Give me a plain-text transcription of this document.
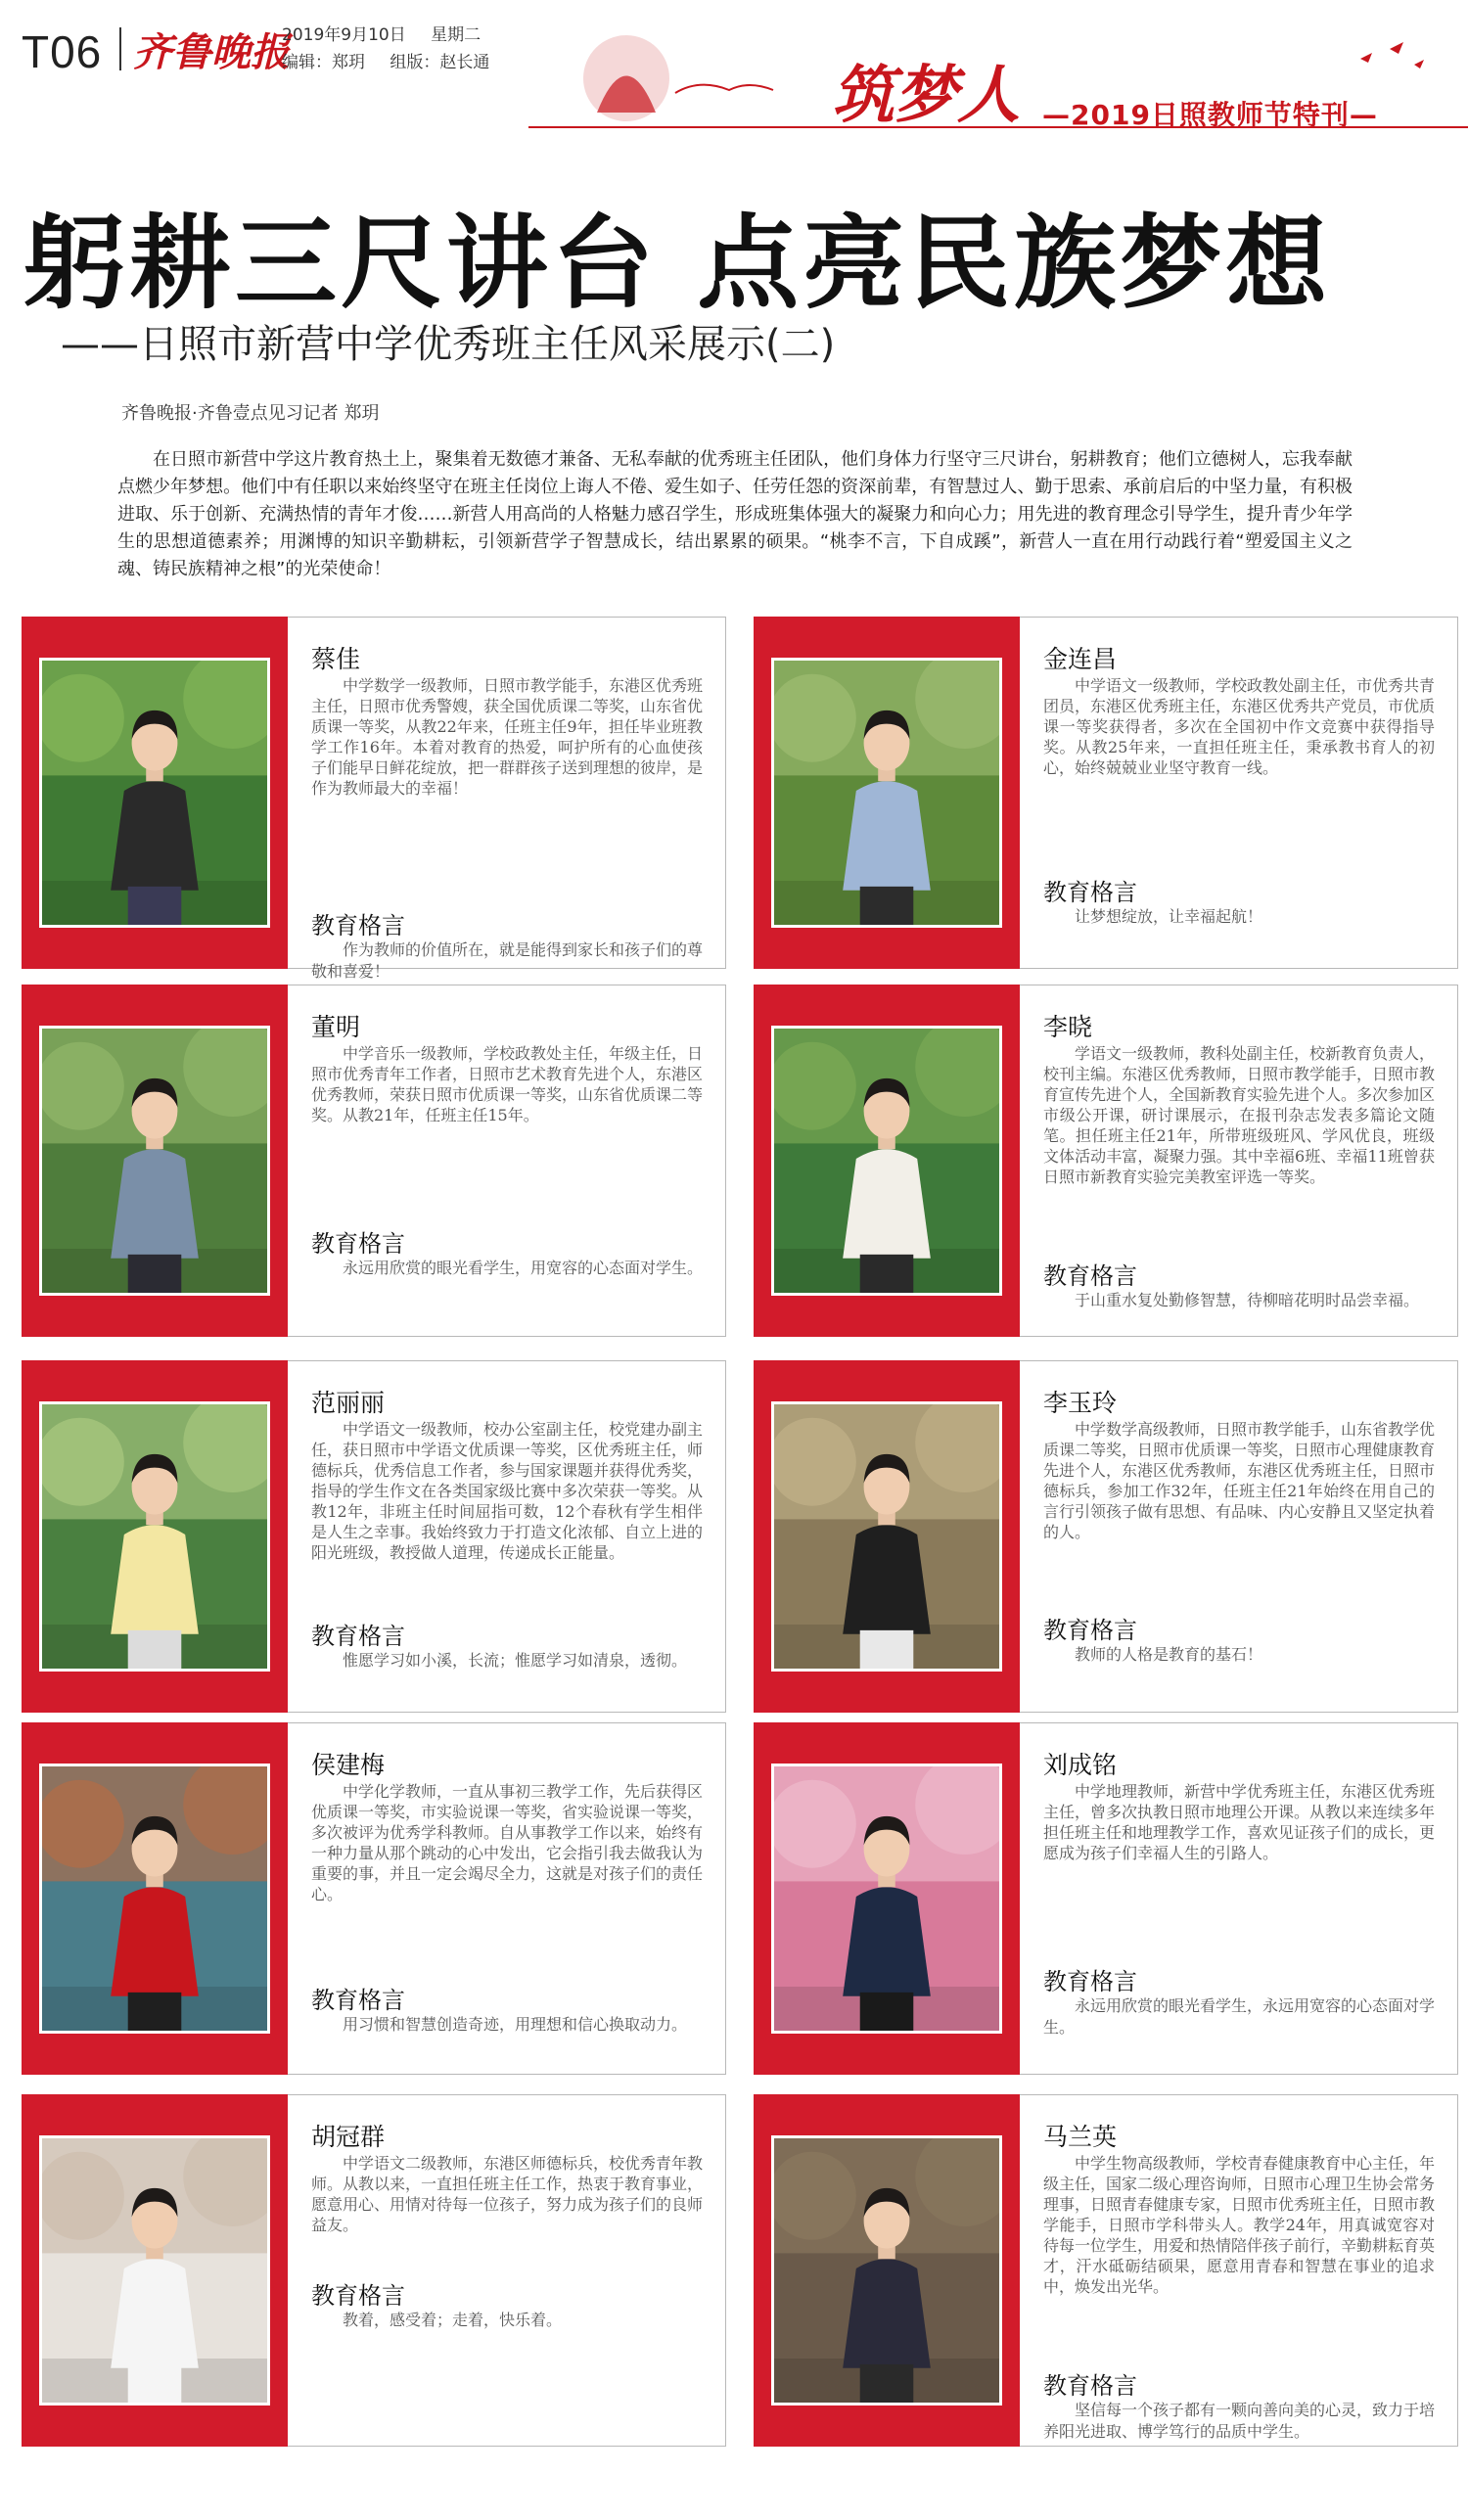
T06 齐鲁晚报
2019年9月10日 星期二
编辑：郑玥 组版：赵长通	筑梦人 —2019日照教师节特刊—
躬耕三尺讲台 点亮民族梦想
——日照市新营中学优秀班主任风采展示(二)
齐鲁晚报·齐鲁壹点见习记者 郑玥

在日照市新营中学这片教育热土上，聚集着无数德才兼备、无私奉献的优秀班主任团队，他们身体力行坚守三尺讲台，躬耕教育；他们立德树人，忘我奉献点燃少年梦想。他们中有任职以来始终坚守在班主任岗位上诲人不倦、爱生如子、任劳任怨的资深前辈，有智慧过人、勤于思索、承前启后的中坚力量，有积极进取、乐于创新、充满热情的青年才俊……新营人用高尚的人格魅力感召学生，形成班集体强大的凝聚力和向心力；用先进的教育理念引导学生，提升青少年学生的思想道德素养；用渊博的知识辛勤耕耘，引领新营学子智慧成长，结出累累的硕果。“桃李不言，下自成蹊”，新营人一直在用行动践行着“塑爱国主义之魂、铸民族精神之根”的光荣使命！

蔡佳

中学数学一级教师，日照市教学能手，东港区优秀班主任，日照市优秀警嫂，获全国优质课二等奖，山东省优质课一等奖，从教22年来，任班主任9年，担任毕业班教学工作16年。本着对教育的热爱，呵护所有的心血使孩子们能早日鲜花绽放，把一群群孩子送到理想的彼岸，是作为教师最大的幸福！

教育格言

作为教师的价值所在，就是能得到家长和孩子们的尊敬和喜爱！

金连昌

中学语文一级教师，学校政教处副主任，市优秀共青团员，东港区优秀班主任，东港区优秀共产党员，市优质课一等奖获得者，多次在全国初中作文竞赛中获得指导奖。从教25年来，一直担任班主任，秉承教书育人的初心，始终兢兢业业坚守教育一线。

教育格言

让梦想绽放，让幸福起航！

董明

中学音乐一级教师，学校政教处主任，年级主任，日照市优秀青年工作者，日照市艺术教育先进个人，东港区优秀教师，荣获日照市优质课一等奖，山东省优质课二等奖。从教21年，任班主任15年。

教育格言

永远用欣赏的眼光看学生，用宽容的心态面对学生。

李晓

学语文一级教师，教科处副主任，校新教育负责人，校刊主编。东港区优秀教师，日照市教学能手，日照市教育宣传先进个人，全国新教育实验先进个人。多次参加区市级公开课，研讨课展示，在报刊杂志发表多篇论文随笔。担任班主任21年，所带班级班风、学风优良，班级文体活动丰富，凝聚力强。其中幸福6班、幸福11班曾获日照市新教育实验完美教室评选一等奖。

教育格言

于山重水复处勤修智慧，待柳暗花明时品尝幸福。

范丽丽

中学语文一级教师，校办公室副主任，校党建办副主任，获日照市中学语文优质课一等奖，区优秀班主任，师德标兵，优秀信息工作者，参与国家课题并获得优秀奖，指导的学生作文在各类国家级比赛中多次荣获一等奖。从教12年，非班主任时间屈指可数，12个春秋有学生相伴是人生之幸事。我始终致力于打造文化浓郁、自立上进的阳光班级，教授做人道理，传递成长正能量。

教育格言

惟愿学习如小溪，长流；惟愿学习如清泉，透彻。

李玉玲

中学数学高级教师，日照市教学能手，山东省教学优质课二等奖，日照市优质课一等奖，日照市心理健康教育先进个人，东港区优秀教师，东港区优秀班主任，日照市德标兵，参加工作32年，任班主任21年始终在用自己的言行引领孩子做有思想、有品味、内心安静且又坚定执着的人。

教育格言

教师的人格是教育的基石！

侯建梅

中学化学教师，一直从事初三教学工作，先后获得区优质课一等奖，市实验说课一等奖，省实验说课一等奖，多次被评为优秀学科教师。自从事教学工作以来，始终有一种力量从那个跳动的心中发出，它会指引我去做我认为重要的事，并且一定会竭尽全力，这就是对孩子们的责任心。

教育格言

用习惯和智慧创造奇迹，用理想和信心换取动力。

刘成铭

中学地理教师，新营中学优秀班主任，东港区优秀班主任，曾多次执教日照市地理公开课。从教以来连续多年担任班主任和地理教学工作，喜欢见证孩子们的成长，更愿成为孩子们幸福人生的引路人。

教育格言

永远用欣赏的眼光看学生，永远用宽容的心态面对学生。

胡冠群

中学语文二级教师，东港区师德标兵，校优秀青年教师。从教以来，一直担任班主任工作，热衷于教育事业，愿意用心、用情对待每一位孩子，努力成为孩子们的良师益友。

教育格言

教着，感受着；走着，快乐着。

马兰英

中学生物高级教师，学校青春健康教育中心主任，年级主任，国家二级心理咨询师，日照市心理卫生协会常务理事，日照青春健康专家，日照市优秀班主任，日照市教学能手，日照市学科带头人。教学24年，用真诚宽容对待每一位学生，用爱和热情陪伴孩子前行，辛勤耕耘育英才，汗水砥砺结硕果，愿意用青春和智慧在事业的追求中，焕发出光华。

教育格言

坚信每一个孩子都有一颗向善向美的心灵，致力于培养阳光进取、博学笃行的品质中学生。
